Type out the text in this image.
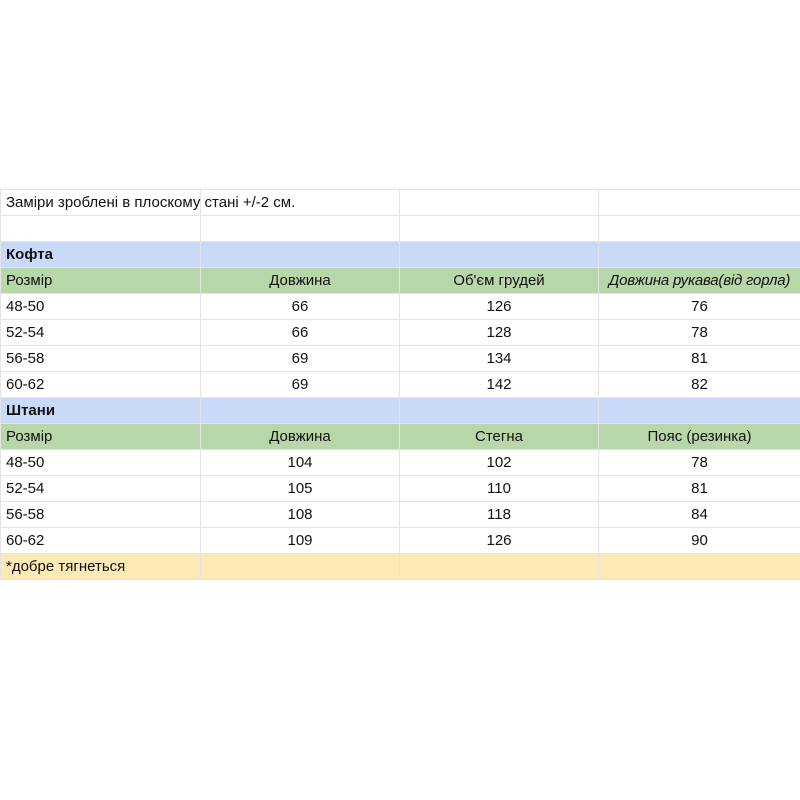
Заміри зроблені в плоскому стані +/-2 см.			

Кофта			
Розмір	Довжина	Об'єм грудей	Довжина рукава(від горла)
48-50	66	126	76
52-54	66	128	78
56-58	69	134	81
60-62	69	142	82
Штани			
Розмір	Довжина	Стегна	Пояс (резинка)
48-50	104	102	78
52-54	105	110	81
56-58	108	118	84
60-62	109	126	90
*добре тягнеться			
